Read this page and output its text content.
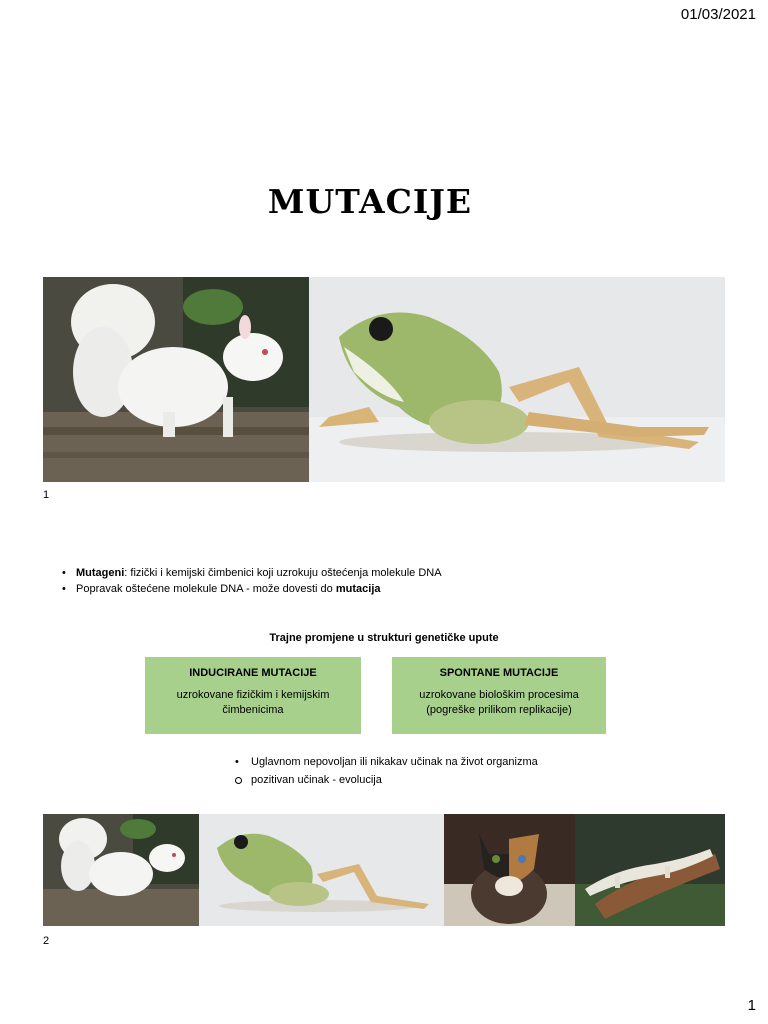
01/03/2021
MUTACIJE
1
• Mutageni: fizički i kemijski čimbenici koji uzrokuju oštećenja molekule DNA
• Popravak oštećene molekule DNA - može dovesti do mutacija
Trajne promjene u strukturi genetičke upute
INDUCIRANE MUTACIJE
uzrokovane fizičkim i kemijskim čimbenicima
SPONTANE MUTACIJE
uzrokovane biološkim procesima (pogreške prilikom replikacije)
• Uglavnom nepovoljan ili nikakav učinak na život organizma
pozitivan učinak - evolucija
2
1
